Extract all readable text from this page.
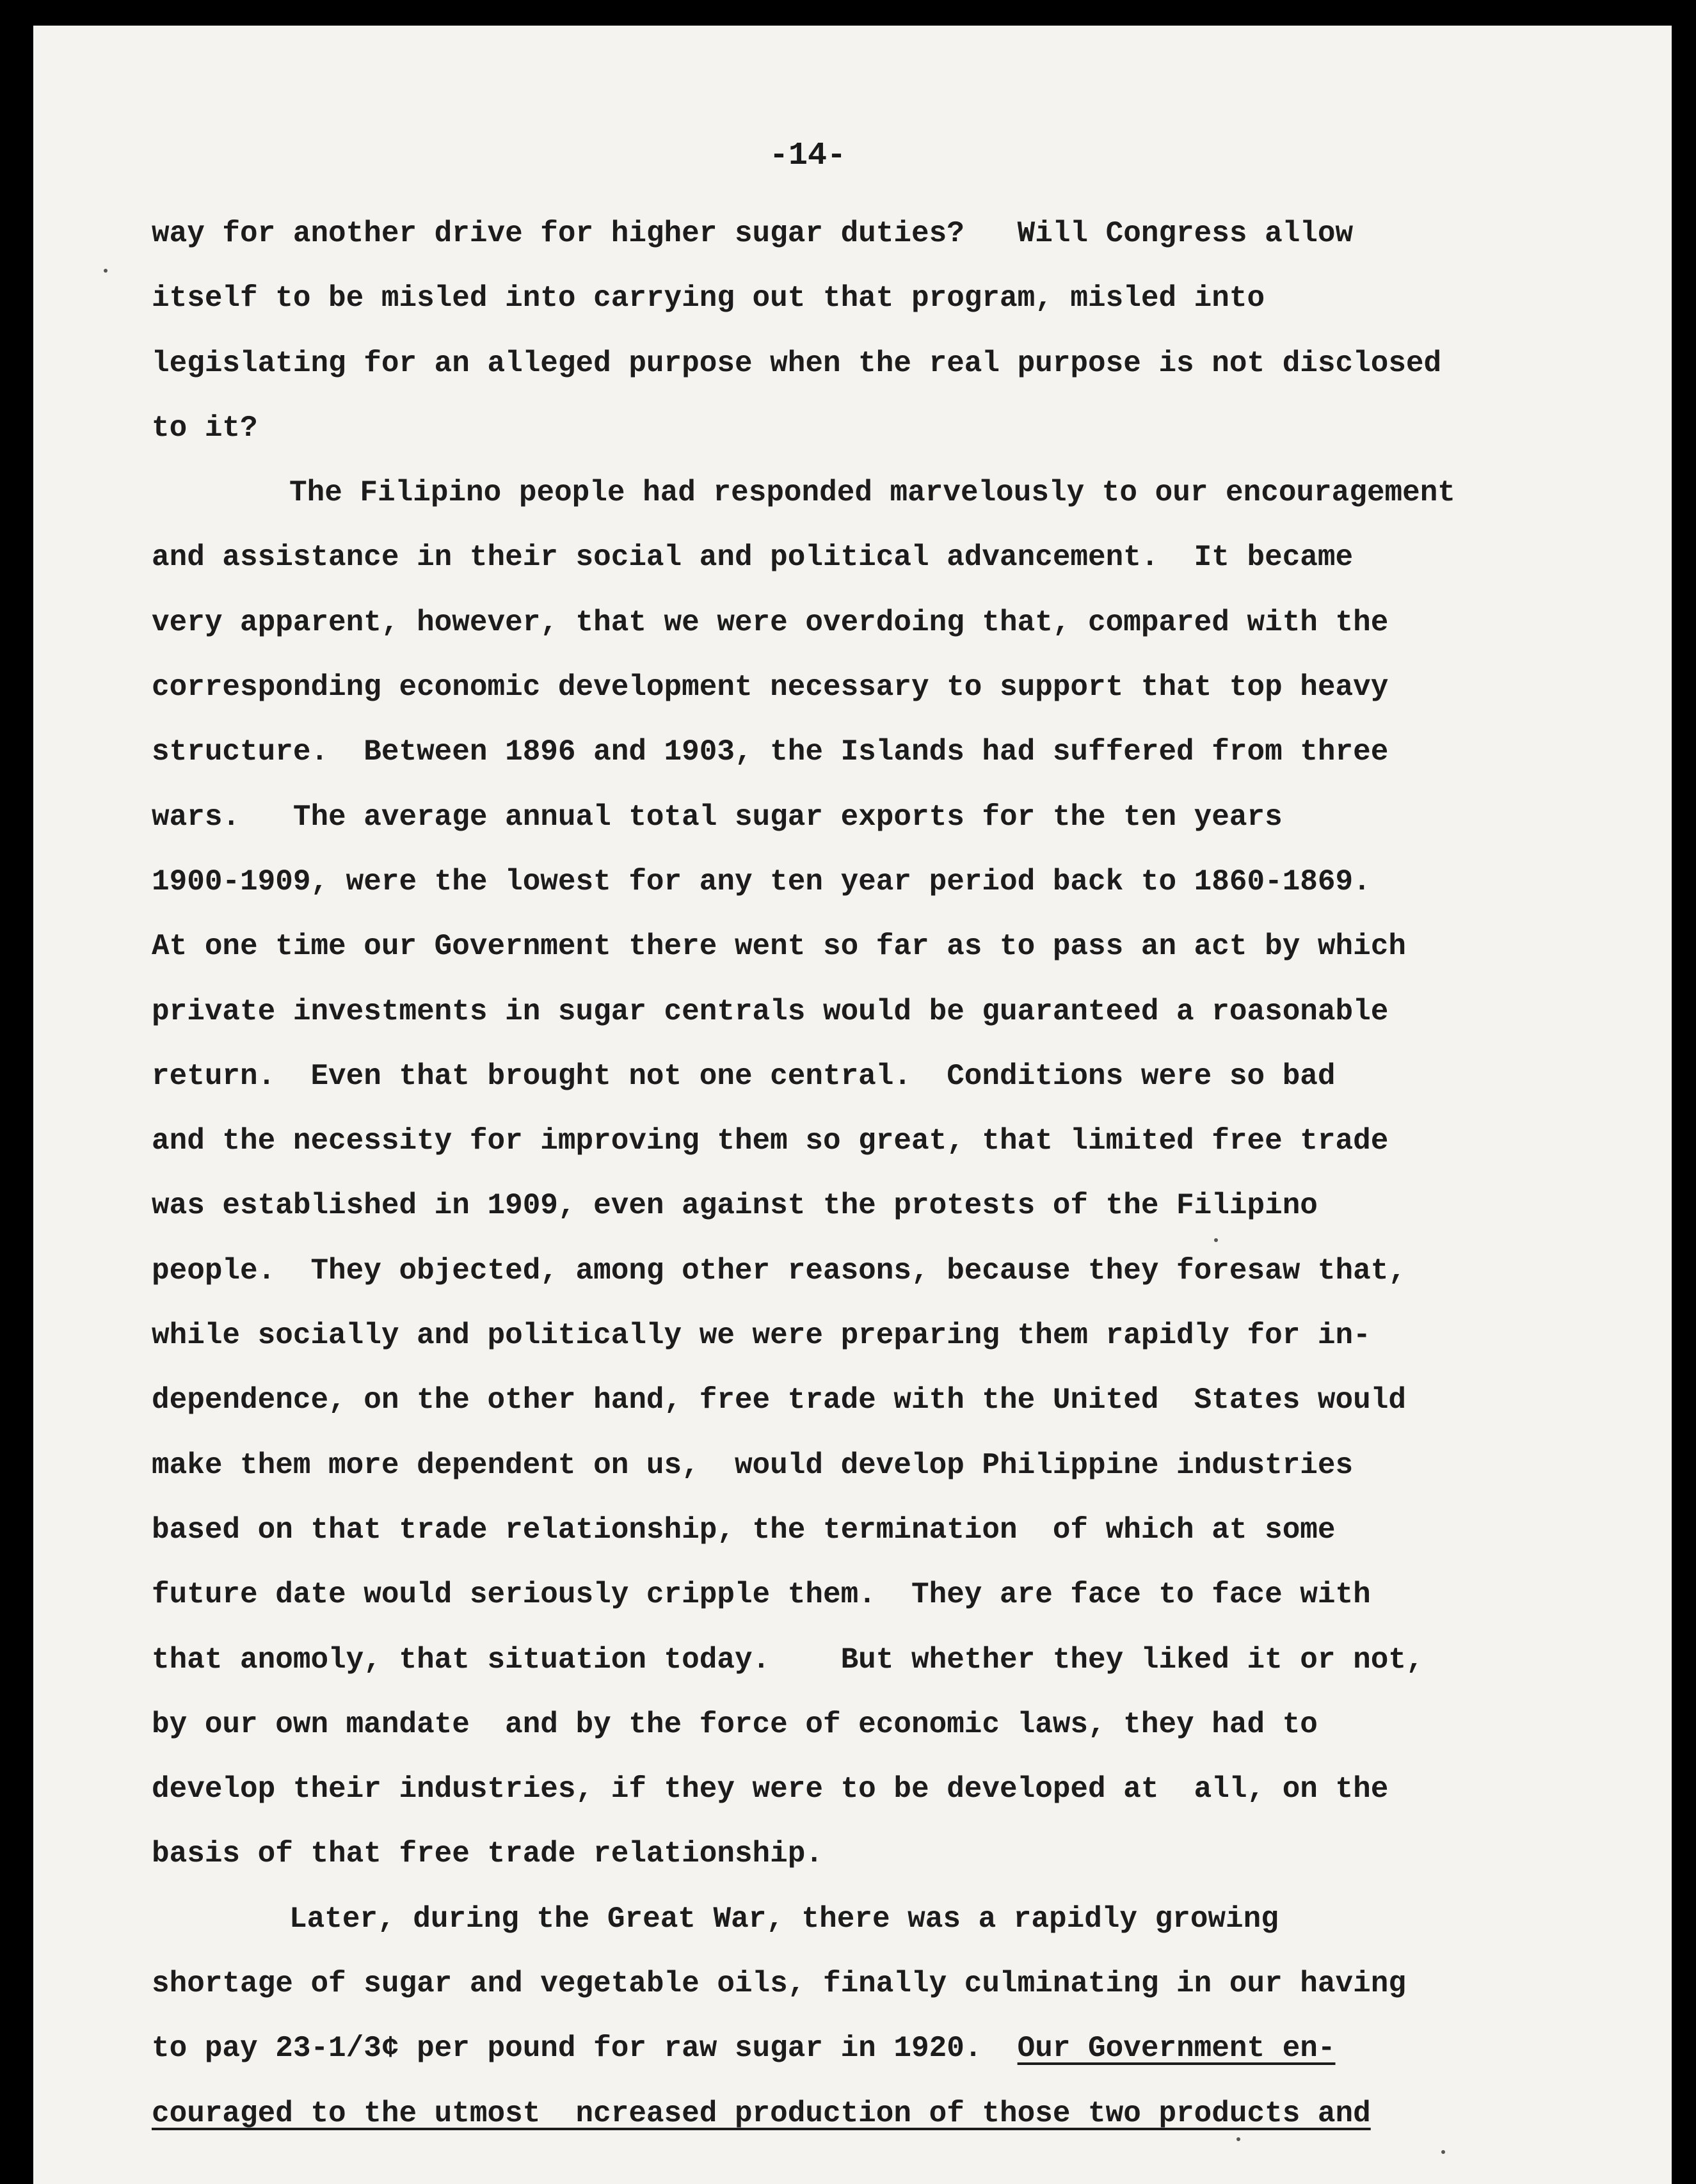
-14-
way for another drive for higher sugar duties?   Will Congress allow
itself to be misled into carrying out that program, misled into
legislating for an alleged purpose when the real purpose is not disclosed
to it?
The Filipino people had responded marvelously to our encouragement
and assistance in their social and political advancement.  It became
very apparent, however, that we were overdoing that, compared with the
corresponding economic development necessary to support that top heavy
structure.  Between 1896 and 1903, the Islands had suffered from three
wars.   The average annual total sugar exports for the ten years
1900-1909, were the lowest for any ten year period back to 1860-1869.
At one time our Government there went so far as to pass an act by which
private investments in sugar centrals would be guaranteed a roasonable
return.  Even that brought not one central.  Conditions were so bad
and the necessity for improving them so great, that limited free trade
was established in 1909, even against the protests of the Filipino
people.  They objected, among other reasons, because they foresaw that,
while socially and politically we were preparing them rapidly for in-
dependence, on the other hand, free trade with the United  States would
make them more dependent on us,  would develop Philippine industries
based on that trade relationship, the termination  of which at some
future date would seriously cripple them.  They are face to face with
that anomoly, that situation today.    But whether they liked it or not,
by our own mandate  and by the force of economic laws, they had to
develop their industries, if they were to be developed at  all, on the
basis of that free trade relationship.
Later, during the Great War, there was a rapidly growing
shortage of sugar and vegetable oils, finally culminating in our having
to pay 23-1/3¢ per pound for raw sugar in 1920.  Our Government en-
couraged to the utmost  ncreased production of those two products and
